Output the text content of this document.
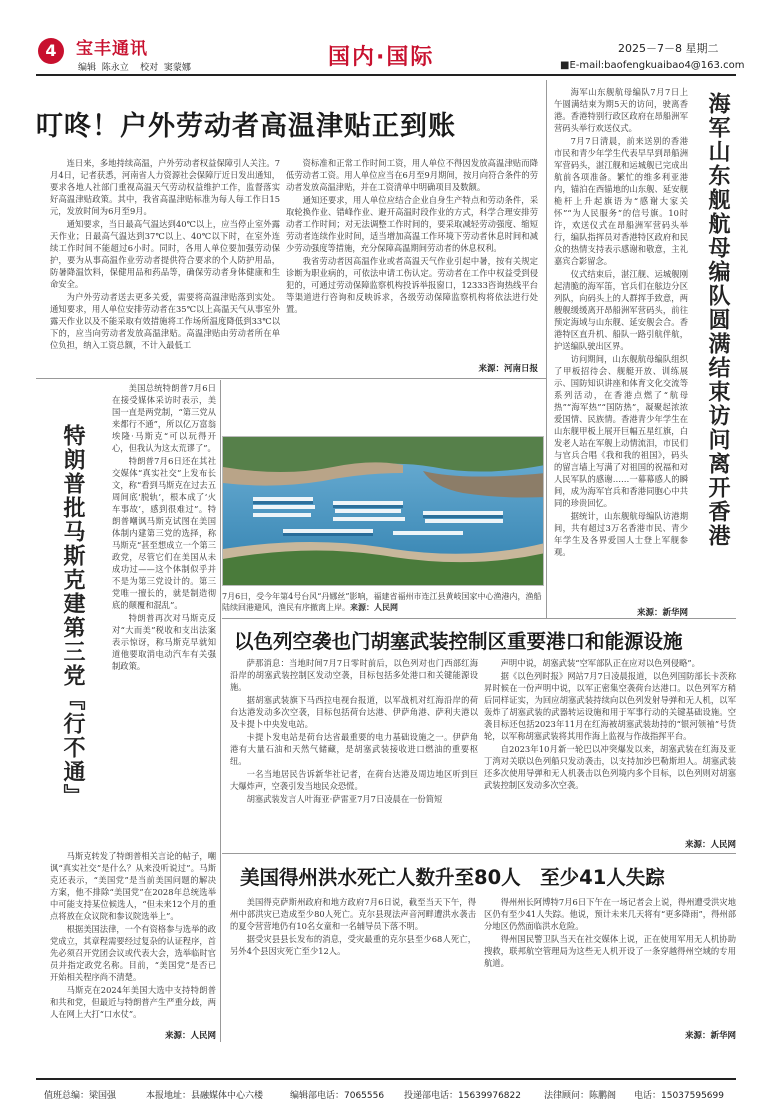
4	宝丰通讯
编辑  陈永立    校对  窦蒙娜	国内·国际	2025－7－8 星期二
■E-mail:baofengkuaibao4@163.com
叮咚！户外劳动者高温津贴正到账

连日来，多地持续高温，户外劳动者权益保障引人关注。7月4日，记者获悉，河南省人力资源社会保障厅近日发出通知，要求各地人社部门重视高温天气劳动权益维护工作，监督落实好高温津贴政策。其中，我省高温津贴标准为每人每工作日15元，发放时间为6月至9月。

通知要求，当日最高气温达到40℃以上，应当停止室外露天作业；日最高气温达到37℃以上、40℃以下时，在室外连续工作时间不能超过6小时。同时，各用人单位要加强劳动保护，要为从事高温作业劳动者提供符合要求的个人防护用品，防暑降温饮料，保健用品和药品等，确保劳动者身体健康和生命安全。

为户外劳动者送去更多关爱，需要将高温津贴落到实处。通知要求，用人单位安排劳动者在35℃以上高温天气从事室外露天作业以及不能采取有效措施将工作场所温度降低到33℃以下的，应当向劳动者发放高温津贴。高温津贴由劳动者所在单位负担，纳入工资总额，不计入最低工

资标准和正常工作时间工资，用人单位不得因发放高温津贴而降低劳动者工资。用人单位应当在6月至9月期间，按月向符合条件的劳动者发放高温津贴，并在工资清单中明确项目及数额。

通知还要求，用人单位应结合企业自身生产特点和劳动条件，采取轮换作业、错峰作业、避开高温时段作业的方式，科学合理安排劳动者工作时间；对无法调整工作时间的，要采取减轻劳动强度、缩短劳动者连续作业时间，适当增加高温工作环境下劳动者休息时间和减少劳动强度等措施，充分保障高温期间劳动者的休息权利。

我省劳动者因高温作业或者高温天气作业引起中暑，按有关规定诊断为职业病的，可依法申请工伤认定。劳动者在工作中权益受到侵犯的，可通过劳动保障监察机构投诉举报窗口，12333咨询热线平台等渠道进行咨询和反映诉求，各级劳动保障监察机构将依法进行处置。

来源：河南日报

海军山东舰航母编队7月7日上午圆满结束为期5天的访问，驶离香港。香港特别行政区政府在昂船洲军营码头举行欢送仪式。

7月7日清晨，前来送别的香港市民和青少年学生代表早早到昂船洲军营码头，湛江舰和运城舰已完成出航前各项准备。繁忙的维多利亚港内，锚泊在西锚地的山东舰、延安舰桅杆上升起旗语为“感谢大家关怀”“为人民服务”的信号旗。10时许，欢送仪式在昂船洲军营码头举行，编队指挥员对香港特区政府和民众的热情支持表示感谢和敬意，主礼嘉宾合影留念。

仪式结束后，湛江舰、运城舰刚起清脆的海军笛，官兵们在舷边分区列队，向码头上的人群挥手致意，两艘舰缓缓离开昂船洲军营码头，前往预定海域与山东舰、延安舰会合。香港特区直升机、船队一路引航伴航，护送编队驶出区界。

访问期间，山东舰航母编队组织了甲板招待会、舰艇开放、训练展示、国防知识讲座和体育文化交流等系列活动，在香港点燃了“航母热”“海军热”“国防热”，凝聚起浓浓爱国情、民族情。香港青少年学生在山东舰甲板上展开巨幅五星红旗，白发老人站在军舰上动情流泪，市民们与官兵合唱《我和我的祖国》，码头的留言墙上写满了对祖国的祝福和对人民军队的感谢……一幕幕感人的瞬间，成为海军官兵和香港同胞心中共同的珍贵回忆。

据统计，山东舰航母编队访港期间，共有超过3万名香港市民、青少年学生及各界爱国人士登上军舰参观。

来源：新华网
海军山东舰航母编队圆满结束访问离开香港
特朗普批马斯克建第三党『行不通』

美国总统特朗普7月6日在接受媒体采访时表示，美国一直是两党制，“第三党从来都行不通”，所以亿万富翁埃隆·马斯克“可以玩得开心，但我认为这太荒谬了”。

特朗普7月6日还在其社交媒体“真实社交”上发布长文，称“看到马斯克在过去五周间底‘脱轨’，根本成了‘火车事故’，感到很难过”。特朗普嘲讽马斯克试图在美国体制内建第三党的选择，称马斯克“甚至想成立一个第三政党，尽管它们在美国从未成功过——这个体制似乎并不是为第三党设计的。第三党唯一擅长的，就是制造彻底的颠覆和混乱”。

特朗普再次对马斯克反对“大而美”税收和支出法案表示惊讶，称马斯克早就知道他要取消电动汽车有关强制政策。

马斯克转发了特朗普相关言论的帖子，嘲讽“真实社交”是什么？从来没听说过”。马斯克还表示，“美国党”是当前美国问题的解决方案，他不排除“美国党”在2028年总统选举中可能支持某位候选人，“但未来12个月的重点将放在众议院和参议院选举上”。

根据美国法律，一个有资格参与选举的政党成立，其章程需要经过复杂的认证程序，首先必须召开党团会议或代表大会，选举临时官员并指定政党名称。目前，“美国党”是否已开始相关程序尚不清楚。

马斯克在2024年美国大选中支持特朗普和共和党，但最近与特朗普产生严重分歧，两人在网上大打“口水仗”。

来源：人民网
7月6日，受今年第4号台风“丹娜丝”影响，福建省福州市连江县黄岐国家中心渔港内，渔船陆续回港避风，渔民有序撤离上岸。来源：人民网
以色列空袭也门胡塞武装控制区重要港口和能源设施

萨那消息：当地时间7月7日零时前后，以色列对也门西部红海沿岸的胡塞武装控制区发动空袭，目标包括多处港口和关键能源设施。

据胡塞武装旗下马西拉电视台报道，以军战机对红海沿岸的荷台达港发动多次空袭，目标包括荷台达港、伊萨角港、萨利夫港以及卡提卜中央发电站。

卡提卜发电站是荷台达省最重要的电力基础设施之一。伊萨角港有大量石油和天然气储藏，是胡塞武装接收进口燃油的重要枢纽。

一名当地居民告诉新华社记者，在荷台达港及周边地区听到巨大爆炸声，空袭引发当地民众恐慌。

胡塞武装发言人叶海亚·萨雷亚7月7日凌晨在一份简短

声明中说，胡塞武装“空军部队正在应对以色列侵略”。

据《以色列时报》网站7月7日凌晨报道，以色列国防部长卡茨称昇时候在一份声明中说，以军正密集空袭荷台达港口。以色列军方稍后同样证实，为回应胡塞武装持续向以色列发射导弹和无人机，以军轰炸了胡塞武装的武器转运设施和用于军事行动的关键基础设施。空袭目标还包括2023年11月在红海被胡塞武装劫持的“银河领袖”号货轮，以军称胡塞武装将其用作海上监视与作战指挥平台。

自2023年10月新一轮巴以冲突爆发以来，胡塞武装在红海及亚丁湾对关联以色列船只发动袭击，以支持加沙巴勒斯坦人。胡塞武装还多次使用导弹和无人机袭击以色列境内多个目标，以色列则对胡塞武装控制区发动多次空袭。

来源：人民网
美国得州洪水死亡人数升至80人　至少41人失踪

美国得克萨斯州政府和地方政府7月6日说，截至当天下午，得州中部洪灾已造成至少80人死亡。克尔县现法声音河畔遭洪水袭击的夏令营营地仍有10名女童和一名辅导员下落不明。

据受灾县县长发布的消息，受灾最重的克尔县至少68人死亡，另外4个县因灾死亡至少12人。

得州州长阿博特7月6日下午在一场记者会上说，得州遭受洪灾地区仍有至少41人失踪。他说，预计未来几天将有“更多降雨”，得州部分地区仍然面临洪水危险。

得州国民警卫队当天在社交媒体上说，正在使用军用无人机协助搜救，联邦航空管理局为这些无人机开设了一条穿越得州空域的专用航道。

来源：新华网
值班总编：梁国强	本报地址：县融媒体中心六楼	编辑部电话：7065556 投递部电话：15639976822	法律顾问：陈鹏阁 电话：15037595699
